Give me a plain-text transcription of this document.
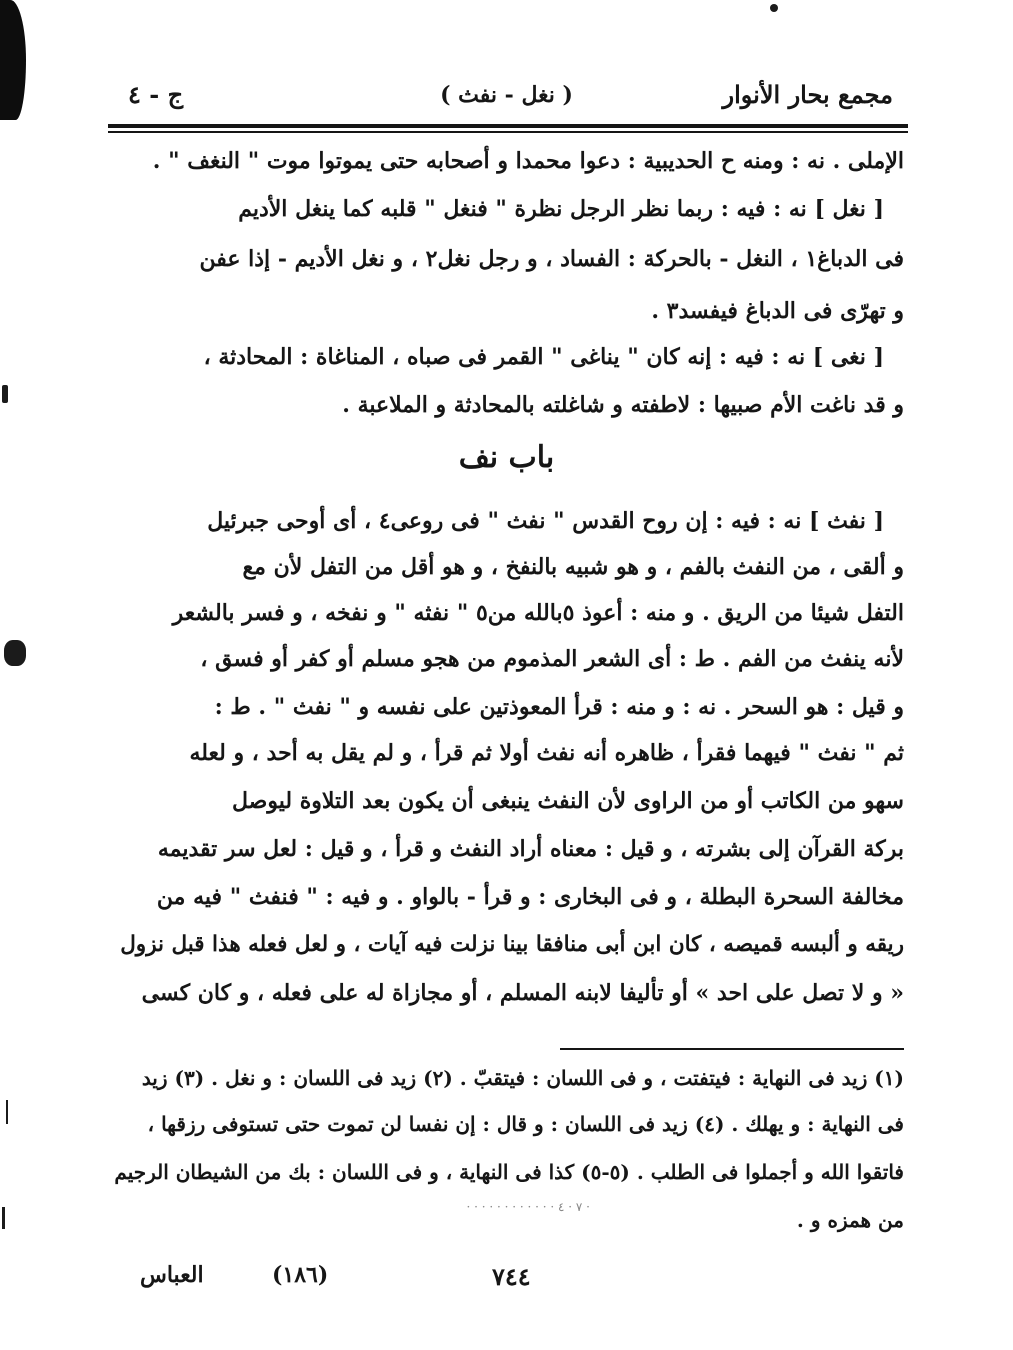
مجمع بحار الأنوار
( نغل - نفث )
ج - ٤
الإملى . نه : ومنه ح الحديبية : دعوا محمدا و أصحابه حتى يموتوا موت " النغف " .
[ نغل ] نه : فيه : ربما نظر الرجل نظرة " فنغل " قلبه كما ينغل الأديم
فى الدباغ١ ، النغل - بالحركة : الفساد ، و رجل نغل٢ ، و نغل الأديم - إذا عفن
و تهرّى فى الدباغ فيفسد٣ .
[ نغى ] نه : فيه : إنه كان " يناغى " القمر فى صباه ، المناغاة : المحادثة ،
و قد ناغت الأم صبيها : لاطفته و شاغلته بالمحادثة و الملاعبة .
باب نف
[ نفث ] نه : فيه : إن روح القدس " نفث " فى روعى٤ ، أى أوحى جبرئيل
و ألقى ، من النفث بالفم ، و هو شبيه بالنفخ ، و هو أقل من التفل لأن مع
التفل شيئا من الريق . و منه : أعوذ ٥بالله من٥ " نفثه " و نفخه ، و فسر بالشعر
لأنه ينفث من الفم . ط : أى الشعر المذموم من هجو مسلم أو كفر أو فسق ،
و قيل : هو السحر . نه : و منه : قرأ المعوذتين على نفسه و " نفث " . ط :
ثم " نفث " فيهما فقرأ ، ظاهره أنه نفث أولا ثم قرأ ، و لم يقل به أحد ، و لعله
سهو من الكاتب أو من الراوى لأن النفث ينبغى أن يكون بعد التلاوة ليوصل
بركة القرآن إلى بشرته ، و قيل : معناه أراد النفث و قرأ ، و قيل : لعل سر تقديمه
مخالفة السحرة البطلة ، و فى البخارى : و قرأ - بالواو . و فيه : " فنفث " فيه من
ريقه و ألبسه قميصه ، كان ابن أبى منافقا بينا نزلت فيه آيات ، و لعل فعله هذا قبل نزول
« و لا تصل على احد » أو تأليفا لابنه المسلم ، أو مجازاة له على فعله ، و كان كسى
(١) زيد فى النهاية : فيتفتت ، و فى اللسان : فيتقبّ . (٢) زيد فى اللسان : و نغل . (٣) زيد
فى النهاية : و يهلك . (٤) زيد فى اللسان : و قال : إن نفسا لن تموت حتى تستوفى رزقها ،
فاتقوا الله و أجملوا فى الطلب . (٥-٥) كذا فى النهاية ، و فى اللسان : بك من الشيطان الرجيم
من همزه و .
· ٧ · ٤ · · · · · · · · · · · ·
العباس	(١٨٦)	٧٤٤
